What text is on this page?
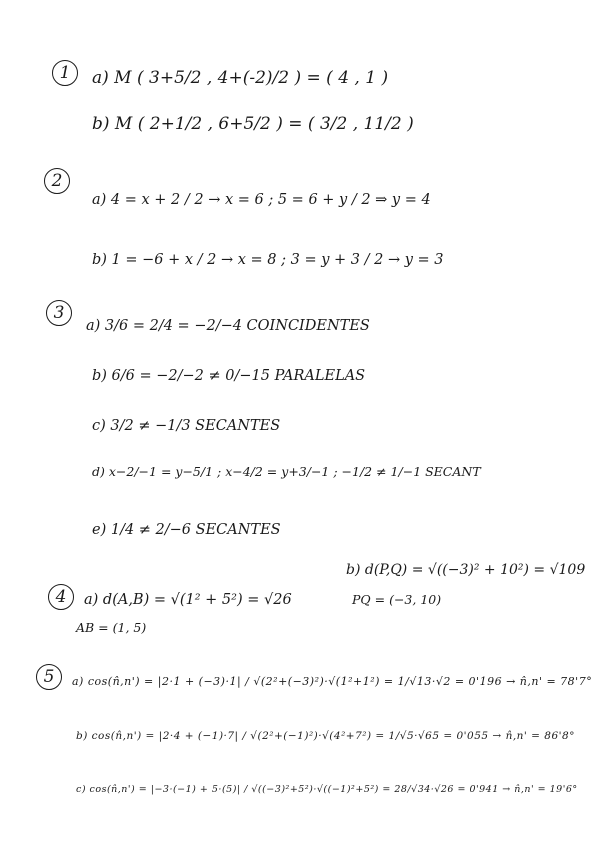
1	a) M ( 3+5/2 , 4+(-2)/2 ) = ( 4 , 1 )
b) M ( 2+1/2 , 6+5/2 ) = ( 3/2 , 11/2 )
2
a) 4 = x + 2 / 2 → x = 6 ; 5 = 6 + y / 2 ⇒ y = 4
b) 1 = −6 + x / 2 → x = 8 ; 3 = y + 3 / 2 → y = 3
3
a) 3/6 = 2/4 = −2/−4 COINCIDENTES
b) 6/6 = −2/−2 ≠ 0/−15 PARALELAS
c) 3/2 ≠ −1/3 SECANTES
d) x−2/−1 = y−5/1 ; x−4/2 = y+3/−1 ; −1/2 ≠ 1/−1 SECANT
e) 1/4 ≠ 2/−6 SECANTES
4	a) d(A,B) = √(1² + 5²) = √26
AB = (1, 5)
b) d(P,Q) = √((−3)² + 10²) = √109
PQ = (−3, 10)
5	a) cos(n̂,n') = |2·1 + (−3)·1| / √(2²+(−3)²)·√(1²+1²) = 1/√13·√2 = 0'196 → n̂,n' = 78'7°
b) cos(n̂,n') = |2·4 + (−1)·7| / √(2²+(−1)²)·√(4²+7²) = 1/√5·√65 = 0'055 → n̂,n' = 86'8°
c) cos(n̂,n') = |−3·(−1) + 5·(5)| / √((−3)²+5²)·√((−1)²+5²) = 28/√34·√26 = 0'941 → n̂,n' = 19'6°
